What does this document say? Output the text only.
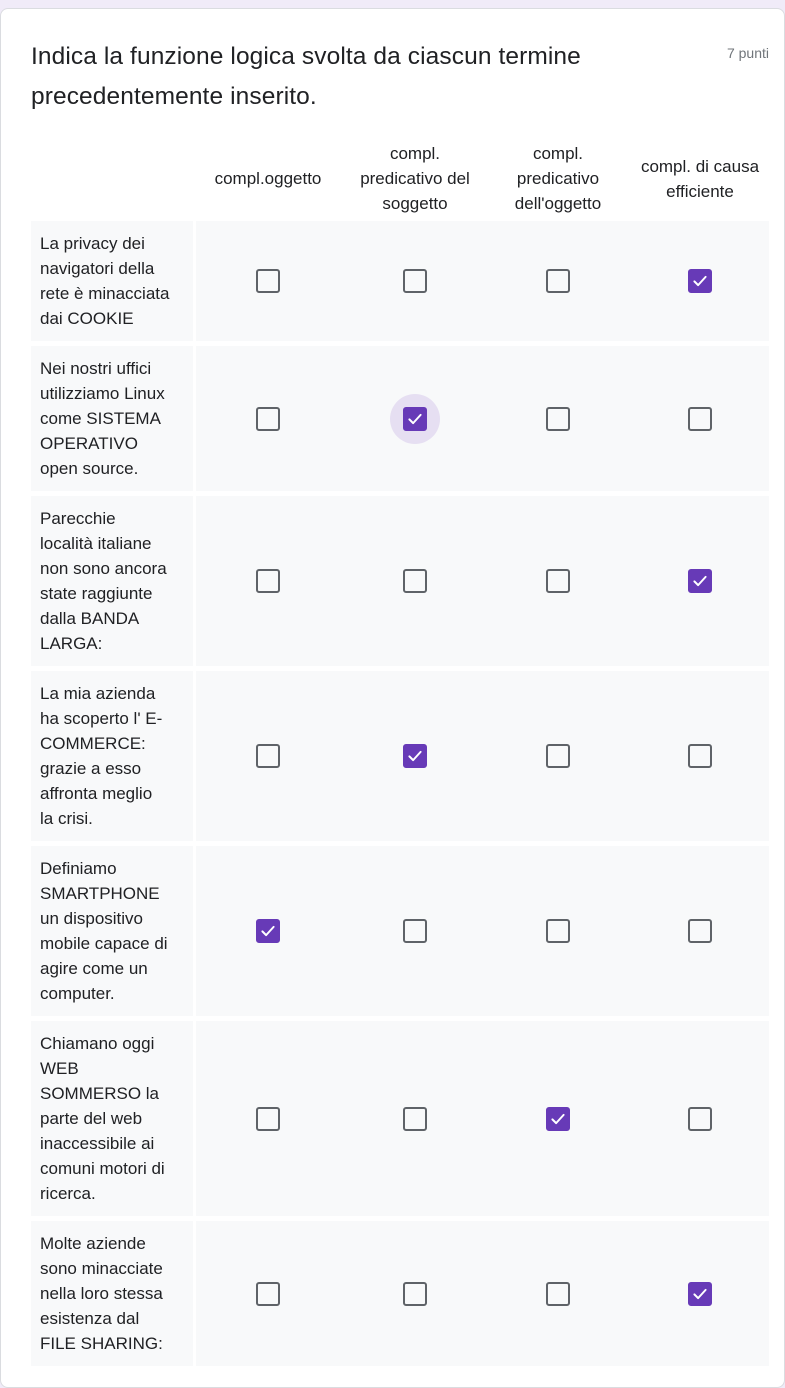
Indica la funzione logica svolta da ciascun termine precedentemente inserito.
7 punti
compl.oggetto
compl.
predicativo del
soggetto
compl.
predicativo
dell'oggetto
compl. di causa
efficiente
La privacy dei
navigatori della
rete è minacciata
dai COOKIE
Nei nostri uffici
utilizziamo Linux
come SISTEMA
OPERATIVO
open source.
Parecchie
località italiane
non sono ancora
state raggiunte
dalla BANDA
LARGA:
La mia azienda
ha scoperto l' E-
COMMERCE:
grazie a esso
affronta meglio
la crisi.
Definiamo
SMARTPHONE
un dispositivo
mobile capace di
agire come un
computer.
Chiamano oggi
WEB
SOMMERSO la
parte del web
inaccessibile ai
comuni motori di
ricerca.
Molte aziende
sono minacciate
nella loro stessa
esistenza dal
FILE SHARING:
